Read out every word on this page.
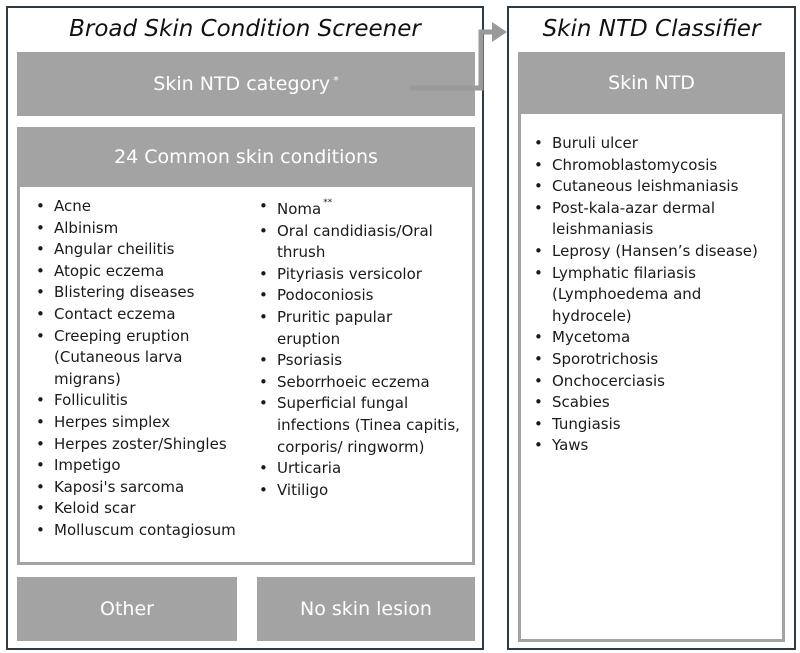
Broad Skin Condition Screener
Skin NTD category *
24 Common skin conditions
• Acne
• Albinism
• Angular cheilitis
• Atopic eczema
• Blistering diseases
• Contact eczema
• Creeping eruption (Cutaneous larva migrans)
• Folliculitis
• Herpes simplex
• Herpes zoster/Shingles
• Impetigo
• Kaposi's sarcoma
• Keloid scar
• Molluscum contagiosum
• Noma **
• Oral candidiasis/Oral thrush
• Pityriasis versicolor
• Podoconiosis
• Pruritic papular eruption
• Psoriasis
• Seborrhoeic eczema
• Superficial fungal infections (Tinea capitis, corporis/ ringworm)
• Urticaria
• Vitiligo
Other	No skin lesion
Skin NTD Classifier
Skin NTD
• Buruli ulcer
• Chromoblastomycosis
• Cutaneous leishmaniasis
• Post-kala-azar dermal leishmaniasis
• Leprosy (Hansen’s disease)
• Lymphatic filariasis (Lymphoedema and hydrocele)
• Mycetoma
• Sporotrichosis
• Onchocerciasis
• Scabies
• Tungiasis
• Yaws
